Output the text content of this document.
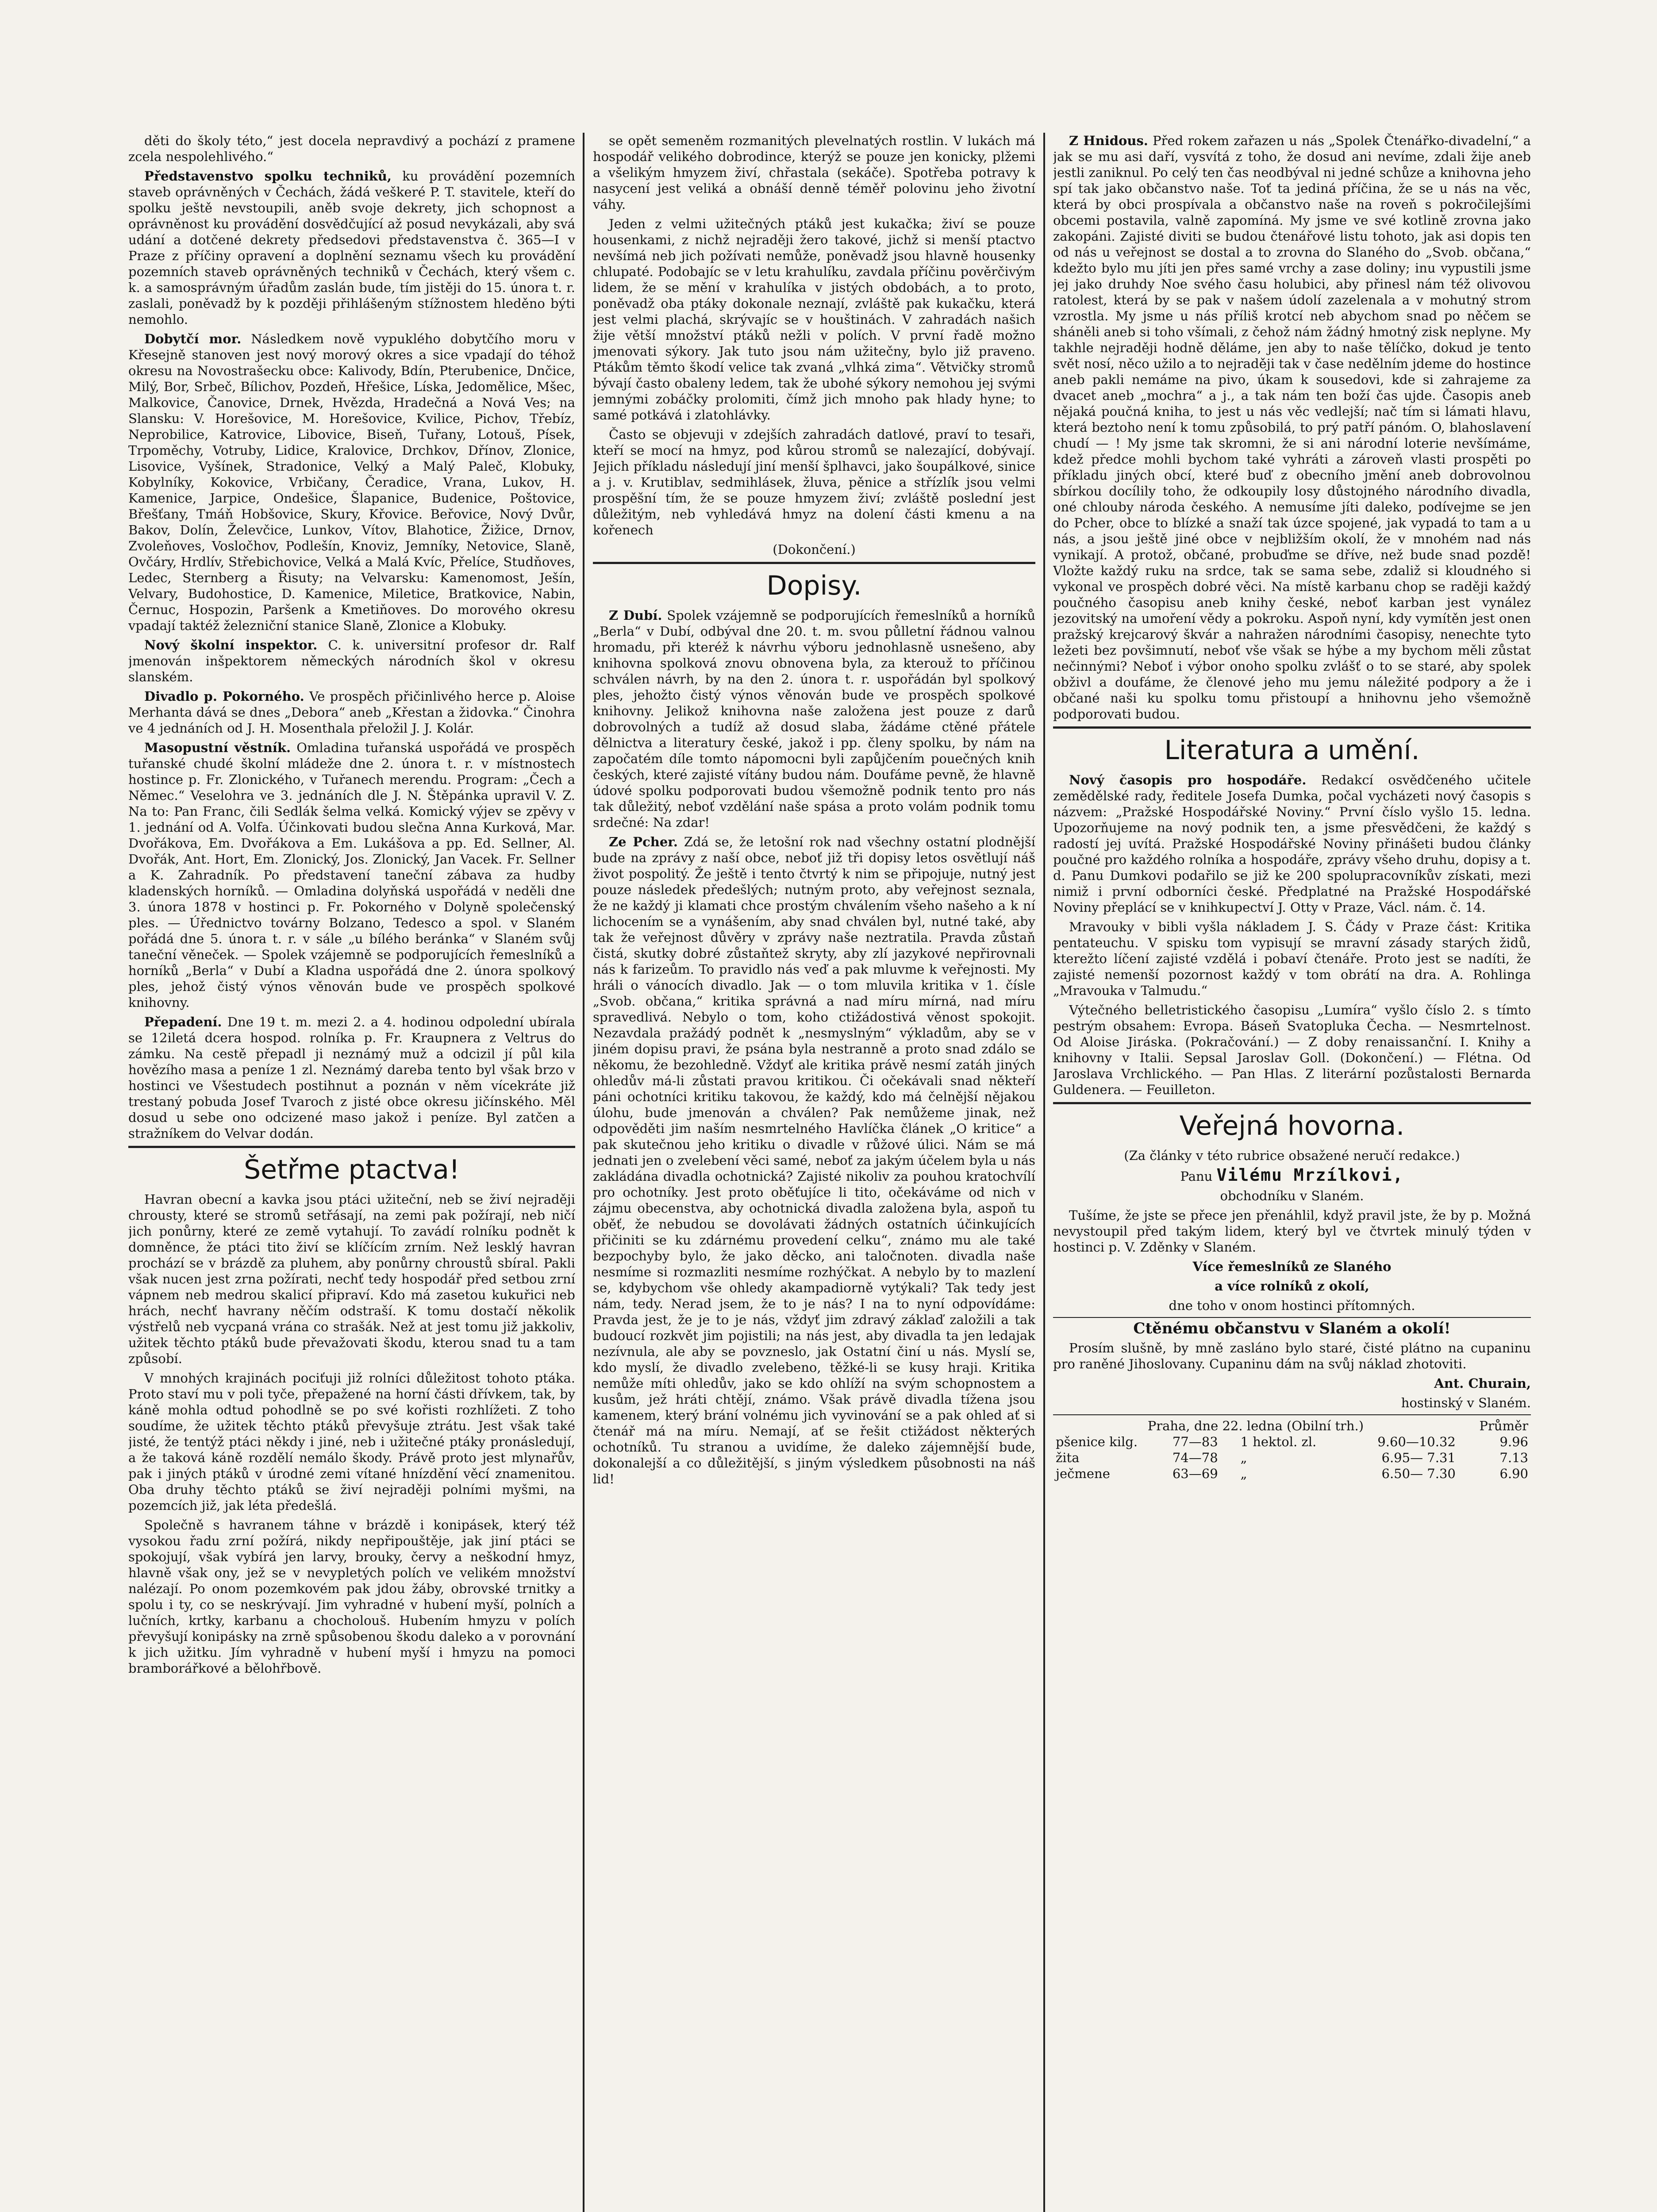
děti do školy této,“ jest docela nepravdivý a pochází z pramene zcela nespolehlivého.“

Představenstvo spolku techniků, ku provádění pozemních staveb oprávněných v Čechách, žádá veškeré P. T. stavitele, kteří do spolku ještě nevstoupili, aněb svoje dekrety, jich schopnost a oprávněnost ku provádění dosvědčující až posud nevykázali, aby svá udání a dotčené dekrety předsedovi představenstva č. 365—I v Praze z příčiny opravení a doplnění seznamu všech ku provádění pozemních staveb oprávněných techniků v Čechách, který všem c. k. a samosprávným úřadům zaslán bude, tím jistěji do 15. února t. r. zaslali, poněvadž by k později přihlášeným stížnostem hleděno býti nemohlo.

Dobytčí mor. Následkem nově vypuklého dobytčího moru v Křesejně stanoven jest nový morový okres a sice vpadají do téhož okresu na Novostrašecku obce: Kalivody, Bdín, Pterubenice, Dnčice, Milý, Bor, Srbeč, Bílichov, Pozdeň, Hřešice, Líska, Jedomělice, Mšec, Malkovice, Čanovice, Drnek, Hvězda, Hradečná a Nová Ves; na Slansku: V. Horešovice, M. Horešovice, Kvilice, Pichov, Třebíz, Neprobilice, Katrovice, Libovice, Biseň, Tuřany, Lotouš, Písek, Trpoměchy, Votruby, Lidice, Kralovice, Drchkov, Dřínov, Zlonice, Lisovice, Vyšínek, Stradonice, Velký a Malý Paleč, Klobuky, Kobylníky, Kokovice, Vrbičany, Čeradice, Vrana, Lukov, H. Kamenice, Jarpice, Ondešice, Šlapanice, Budenice, Poštovice, Břešťany, Tmáň Hobšovice, Skury, Křovice. Beřovice, Nový Dvůr, Bakov, Dolín, Želevčice, Lunkov, Vítov, Blahotice, Žižice, Drnov, Zvoleňoves, Vosločhov, Podlešín, Knoviz, Jemníky, Netovice, Slaně, Ovčáry, Hrdlív, Střebichovice, Velká a Malá Kvíc, Přelíce, Studňoves, Ledec, Sternberg a Řisuty; na Velvarsku: Kamenomost, Ješín, Velvary, Budohostice, D. Kamenice, Miletice, Bratkovice, Nabin, Černuc, Hospozin, Paršenk a Kmetiňoves. Do morového okresu vpadají taktéž železniční stanice Slaně, Zlonice a Klobuky.

Nový školní inspektor. C. k. universitní profesor dr. Ralf jmenován inšpektorem německých národních škol v okresu slanském.

Divadlo p. Pokorného. Ve prospěch přičinlivého herce p. Aloise Merhanta dává se dnes „Debora“ aneb „Křestan a židovka.“ Činohra ve 4 jednáních od J. H. Mosenthala přeložil J. J. Kolár.

Masopustní věstník. Omladina tuřanská uspořádá ve prospěch tuřanské chudé školní mládeže dne 2. února t. r. v místnostech hostince p. Fr. Zlonického, v Tuřanech merendu. Program: „Čech a Němec.“ Veselohra ve 3. jednáních dle J. N. Štěpánka upravil V. Z. Na to: Pan Franc, čili Sedlák šelma velká. Komický výjev se zpěvy v 1. jednání od A. Volfa. Účinkovati budou slečna Anna Kurková, Mar. Dvořákova, Em. Dvořákova a Em. Lukášova a pp. Ed. Sellner, Al. Dvořák, Ant. Hort, Em. Zlonický, Jos. Zlonický, Jan Vacek. Fr. Sellner a K. Zahradník. Po představení taneční zábava za hudby kladenských horníků. — Omladina dolyňská uspořádá v neděli dne 3. února 1878 v hostinci p. Fr. Pokorného v Dolyně společenský ples. — Úřednictvo továrny Bolzano, Tedesco a spol. v Slaném pořádá dne 5. února t. r. v sále „u bílého beránka“ v Slaném svůj taneční věneček. — Spolek vzájemně se podporujících řemeslníků a horníků „Berla“ v Dubí a Kladna uspořádá dne 2. února spolkový ples, jehož čistý výnos věnován bude ve prospěch spolkové knihovny.

Přepadení. Dne 19 t. m. mezi 2. a 4. hodinou odpolední ubírala se 12iletá dcera hospod. rolníka p. Fr. Kraupnera z Veltrus do zámku. Na cestě přepadl ji neznámý muž a odcizil jí půl kila hovězího masa a peníze 1 zl. Neznámý dareba tento byl však brzo v hostinci ve Všestudech postihnut a poznán v něm vícekráte již trestaný pobuda Josef Tvaroch z jisté obce okresu jičínského. Měl dosud u sebe ono odcizené maso jakož i peníze. Byl zatčen a stražníkem do Velvar dodán.

Šetřme ptactva!

Havran obecní a kavka jsou ptáci užiteční, neb se živí nejraději chrousty, které se stromů setřásají, na zemi pak požírají, neb ničí jich ponůrny, které ze země vytahují. To zavádí rolníku podnět k domněnce, že ptáci tito živí se klíčícím zrním. Než lesklý havran prochází se v brázdě za pluhem, aby ponůrny chroustů sbíral. Pakli však nucen jest zrna požírati, nechť tedy hospodář před setbou zrní vápnem neb medrou skalicí připraví. Kdo má zasetou kukuřici neb hrách, nechť havrany něčím odstraší. K tomu dostačí několik výstřelů neb vycpaná vrána co strašák. Než at jest tomu již jakkoliv, užitek těchto ptáků bude převažovati škodu, kterou snad tu a tam způsobí.

V mnohých krajinách pociťuji již rolníci důležitost tohoto ptáka. Proto staví mu v poli tyče, přepažené na horní části dřívkem, tak, by káně mohla odtud pohodlně se po své kořisti rozhlížeti. Z toho soudíme, že užitek těchto ptáků převyšuje ztrátu. Jest však také jisté, že tentýž ptáci někdy i jiné, neb i užitečné ptáky pronásledují, a že taková káně rozdělí nemálo škody. Právě proto jest mlynařův, pak i jiných ptáků v úrodné zemi vítané hnízdění věcí znamenitou. Oba druhy těchto ptáků se živí nejraději polními myšmi, na pozemcích již, jak léta předešlá.

Společně s havranem táhne v brázdě i konipásek, který též vysokou řadu zrní požírá, nikdy nepřipouštěje, jak jiní ptáci se spokojují, však vybírá jen larvy, brouky, červy a neškodní hmyz, hlavně však ony, jež se v nevypletých polích ve velikém množství nalézají. Po onom pozemkovém pak jdou žáby, obrovské trnitky a spolu i ty, co se neskrývají. Jim vyhradné v hubení myší, polních a lučních, krtky, karbanu a chocholouš. Hubením hmyzu v polích převyšují konipásky na zrně spůsobenou škodu daleko a v porovnání k jich užitku. Jím vyhradně v hubení myší i hmyzu na pomoci bramborářkové a bělohřbově.

se opět semeněm rozmanitých plevelnatých rostlin. V lukách má hospodář velikého dobrodince, kterýž se pouze jen konicky, plžemi a všelikým hmyzem živí, chřastala (sekáče). Spotřeba potravy k nasycení jest veliká a obnáší denně téměř polovinu jeho životní váhy.

Jeden z velmi užitečných ptáků jest kukačka; živí se pouze housenkami, z nichž nejraději žero takové, jichž si menší ptactvo nevšímá neb jich požívati nemůže, poněvadž jsou hlavně housenky chlupaté. Podobajíc se v letu krahulíku, zavdala příčinu pověrčivým lidem, že se mění v krahulíka v jistých obdobách, a to proto, poněvadž oba ptáky dokonale neznají, zvláště pak kukačku, která jest velmi plachá, skrývajíc se v houštinách. V zahradách našich žije větší množství ptáků nežli v polích. V první řadě možno jmenovati sýkory. Jak tuto jsou nám užitečny, bylo již praveno. Ptákům těmto škodí velice tak zvaná „vlhká zima“. Větvičky stromů bývají často obaleny ledem, tak že ubohé sýkory nemohou jej svými jemnými zobáčky prolomiti, čímž jich mnoho pak hlady hyne; to samé potkává i zlatohlávky.

Často se objevuji v zdejších zahradách datlové, praví to tesaři, kteří se mocí na hmyz, pod kůrou stromů se nalezající, dobývají. Jejich příkladu následují jiní menší šplhavci, jako šoupálkové, sinice a j. v. Krutiblav, sedmihlásek, žluva, pěnice a střízlík jsou velmi prospěšní tím, že se pouze hmyzem živí; zvláště poslední jest důležitým, neb vyhledává hmyz na dolení části kmenu a na kořenech

(Dokončení.)

Dopisy.

Z Dubí. Spolek vzájemně se podporujících řemeslníků a horníků „Berla“ v Dubí, odbýval dne 20. t. m. svou půlletní řádnou valnou hromadu, při kteréž k návrhu výboru jednohlasně usnešeno, aby knihovna spolková znovu obnovena byla, za kterouž to příčinou schválen návrh, by na den 2. února t. r. uspořádán byl spolkový ples, jehožto čistý výnos věnován bude ve prospěch spolkové knihovny. Jelikož knihovna naše založena jest pouze z darů dobrovolných a tudíž až dosud slaba, žádáme ctěné přátele dělnictva a literatury české, jakož i pp. členy spolku, by nám na započatém díle tomto nápomocni byli zapůjčením pouečných knih českých, které zajisté vítány budou nám. Doufáme pevně, že hlavně údové spolku podporovati budou všemožně podnik tento pro nás tak důležitý, neboť vzdělání naše spása a proto volám podnik tomu srdečné: Na zdar!

Ze Pcher. Zdá se, že letošní rok nad všechny ostatní plodnější bude na zprávy z naší obce, neboť již tři dopisy letos osvětlují náš život pospolitý. Že ještě i tento čtvrtý k nim se připojuje, nutný jest pouze následek předešlých; nutným proto, aby veřejnost seznala, že ne každý ji klamati chce prostým chválením všeho našeho a k ní lichocením se a vynášením, aby snad chválen byl, nutné také, aby tak že veřejnost důvěry v zprávy naše neztratila. Pravda zůstaň čistá, skutky dobré zůstaňtež skryty, aby zlí jazykové nepřirovnali nás k farizeům. To pravidlo nás veď a pak mluvme k veřejnosti. My hráli o vánocích divadlo. Jak — o tom mluvila kritika v 1. čísle „Svob. občana,“ kritika správná a nad míru mírná, nad míru spravedlivá. Nebylo o tom, koho ctižádostivá věnost spokojit. Nezavdala pražádý podnět k „nesmyslným“ výkladům, aby se v jiném dopisu pravi, že psána byla nestranně a proto snad zdálo se někomu, že bezohledně. Vždyť ale kritika právě nesmí zatáh jiných ohledův má-li zůstati pravou kritikou. Či očekávali snad někteří páni ochotníci kritiku takovou, že každý, kdo má čelnější nějakou úlohu, bude jmenován a chválen? Pak nemůžeme jinak, než odpověděti jim naším nesmrtelného Havlíčka článek „O kritice“ a pak skutečnou jeho kritiku o divadle v růžové úlici. Nám se má jednati jen o zvelebení věci samé, neboť za jakým účelem byla u nás zakládána divadla ochotnická? Zajisté nikoliv za pouhou kratochvílí pro ochotníky. Jest proto oběťujíce li tito, očekáváme od nich v zájmu obecenstva, aby ochotnická divadla založena byla, aspoň tu oběť, že nebudou se dovolávati žádných ostatních účinkujících přičiniti se ku zdárnému provedení celku“, známo mu ale také bezpochyby bylo, že jako děcko, ani taločnoten. divadla naše nesmíme si rozmazliti nesmíme rozhýčkat. A nebylo by to mazlení se, kdybychom vše ohledy akampadiorně vytýkali? Tak tedy jest nám, tedy. Nerad jsem, že to je nás? I na to nyní odpovídáme: Pravda jest, že je to je nás, vždyť jim zdravý záklaď založili a tak budoucí rozkvět jim pojistili; na nás jest, aby divadla ta jen ledajak nezívnula, ale aby se povzneslo, jak Ostatní činí u nás. Myslí se, kdo myslí, že divadlo zvelebeno, těžké-li se kusy hraji. Kritika nemůže míti ohledův, jako se kdo ohlíží na svým schopnostem a kusům, jež hráti chtějí, známo. Však právě divadla tížena jsou kamenem, který brání volnému jich vyvinování se a pak ohled ať si čtenář má na míru. Nemají, ať se řešit ctižádost některých ochotníků. Tu stranou a uvidíme, že daleko zájemnější bude, dokonalejší a co důležitější, s jiným výsledkem působnosti na náš lid!

Z Hnidous. Před rokem zařazen u nás „Spolek Čtenářko-divadelní,“ a jak se mu asi daří, vysvítá z toho, že dosud ani nevíme, zdali žije aneb jestli zaniknul. Po celý ten čas neodbýval ni jedné schůze a knihovna jeho spí tak jako občanstvo naše. Toť ta jediná příčina, že se u nás na věc, která by obci prospívala a občanstvo naše na roveň s pokročilejšími obcemi postavila, valně zapomíná. My jsme ve své kotlině zrovna jako zakopáni. Zajisté diviti se budou čtenářové listu tohoto, jak asi dopis ten od nás u veřejnost se dostal a to zrovna do Slaného do „Svob. občana,“ kdežto bylo mu jíti jen přes samé vrchy a zase doliny; inu vypustili jsme jej jako druhdy Noe svého času holubici, aby přinesl nám též olivovou ratolest, která by se pak v našem údolí zazelenala a v mohutný strom vzrostla. My jsme u nás příliš krotcí neb abychom snad po něčem se sháněli aneb si toho všímali, z čehož nám žádný hmotný zisk neplyne. My takhle nejraději hodně děláme, jen aby to naše tělíčko, dokud je tento svět nosí, něco užilo a to nejraději tak v čase nedělním jdeme do hostince aneb pakli nemáme na pivo, úkam k sousedovi, kde si zahrajeme za dvacet aneb „mochra“ a j., a tak nám ten boží čas ujde. Časopis aneb nějaká poučná kniha, to jest u nás věc vedlejší; nač tím si lámati hlavu, která beztoho není k tomu způsobilá, to prý patří pánóm. O, blahoslavení chudí — ! My jsme tak skromni, že si ani národní loterie nevšímáme, kdež předce mohli bychom také vyhráti a zároveň vlasti prospěti po příkladu jiných obcí, které buď z obecního jmění aneb dobrovolnou sbírkou docílily toho, že odkoupily losy důstojného národního divadla, oné chlouby národa českého. A nemusíme jíti daleko, podívejme se jen do Pcher, obce to blízké a snaží tak úzce spojené, jak vypadá to tam a u nás, a jsou ještě jiné obce v nejbližším okolí, že v mnohém nad nás vynikají. A protož, občané, probuďme se dříve, než bude snad pozdě! Vložte každý ruku na srdce, tak se sama sebe, zdaliž si kloudného si vykonal ve prospěch dobré věci. Na místě karbanu chop se raději každý poučného časopisu aneb knihy české, neboť karban jest vynález jezovitský na umoření vědy a pokroku. Aspoň nyní, kdy vymítěn jest onen pražský krejcarový škvár a nahražen národními časopisy, nenechte tyto ležeti bez povšimnutí, neboť vše však se hýbe a my bychom měli zůstat nečinnými? Neboť i výbor onoho spolku zvlášť o to se staré, aby spolek obživl a doufáme, že členové jeho mu jemu náležité podpory a že i občané naši ku spolku tomu přistoupí a hnihovnu jeho všemožně podporovati budou.

Literatura a umění.

Nový časopis pro hospodáře. Redakcí osvědčeného učitele zemědělské rady, ředitele Josefa Dumka, počal vycházeti nový časopis s názvem: „Pražské Hospodářské Noviny.“ První číslo vyšlo 15. ledna. Upozorňujeme na nový podnik ten, a jsme přesvědčeni, že každý s radostí jej uvítá. Pražské Hospodářské Noviny přinášeti budou články poučné pro každého rolníka a hospodáře, zprávy všeho druhu, dopisy a t. d. Panu Dumkovi podařilo se již ke 200 spolupracovníkův získati, mezi nimiž i první odborníci české. Předplatné na Pražské Hospodářské Noviny přeplácí se v knihkupectví J. Otty v Praze, Václ. nám. č. 14.

Mravouky v bibli vyšla nákladem J. S. Čády v Praze část: Kritika pentateuchu. V spisku tom vypisují se mravní zásady starých židů, kterežto líčení zajisté vzdělá i pobaví čtenáře. Proto jest se nadíti, že zajisté nemenší pozornost každý v tom obrátí na dra. A. Rohlinga „Mravouka v Talmudu.“

Výtečného belletristického časopisu „Lumíra“ vyšlo číslo 2. s tímto pestrým obsahem: Evropa. Báseň Svatopluka Čecha. — Nesmrtelnost. Od Aloise Jiráska. (Pokračování.) — Z doby renaissanční. I. Knihy a knihovny v Italii. Sepsal Jaroslav Goll. (Dokončení.) — Flétna. Od Jaroslava Vrchlického. — Pan Hlas. Z literární pozůstalosti Bernarda Guldenera. — Feuilleton.

Veřejná hovorna.

(Za články v této rubrice obsažené neručí redakce.)

Panu Vilému Mrzílkovi,

obchodníku v Slaném.

Tušíme, že jste se přece jen přenáhlil, když pravil jste, že by p. Možná nevystoupil před takým lidem, který byl ve čtvrtek minulý týden v hostinci p. V. Zděnky v Slaném.

Více řemeslníků ze Slaného

a více rolníků z okolí,

dne toho v onom hostinci přítomných.

Ctěnému občanstvu v Slaném a okolí!

Prosím slušně, by mně zasláno bylo staré, čisté plátno na cupaninu pro raněné Jihoslovany. Cupaninu dám na svůj náklad zhotoviti.

Ant. Churain,

hostinský v Slaném.

Praha, dne 22. ledna (Obilní trh.)				Průměr
pšenice kilg.	77—83	1 hektol. zl.	9.60—10.32	9.96
žita	74—78	„	6.95— 7.31	7.13
ječmene	63—69	„	6.50— 7.30	6.90
